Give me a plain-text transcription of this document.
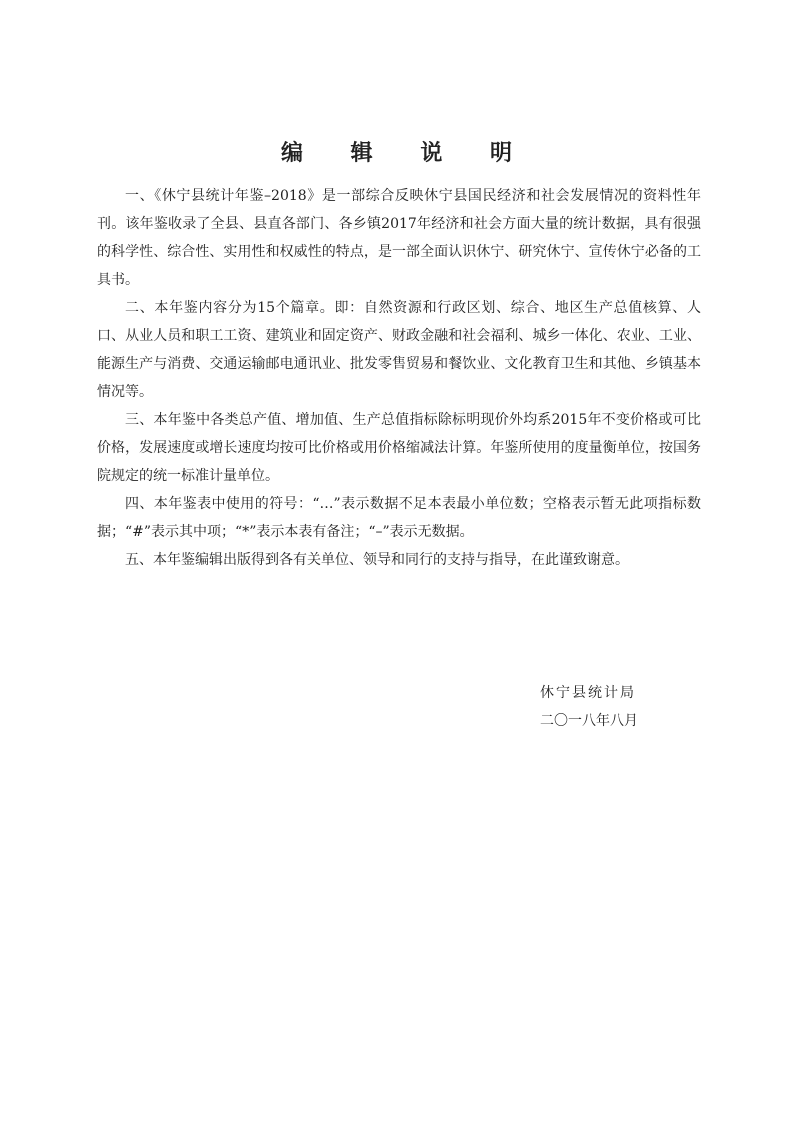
编 辑 说 明

一、《休宁县统计年鉴–2018》是一部综合反映休宁县国民经济和社会发展情况的资料性年刊。该年鉴收录了全县、县直各部门、各乡镇2017年经济和社会方面大量的统计数据，具有很强的科学性、综合性、实用性和权威性的特点，是一部全面认识休宁、研究休宁、宣传休宁必备的工具书。

二、本年鉴内容分为15个篇章。即：自然资源和行政区划、综合、地区生产总值核算、人口、从业人员和职工工资、建筑业和固定资产、财政金融和社会福利、城乡一体化、农业、工业、能源生产与消费、交通运输邮电通讯业、批发零售贸易和餐饮业、文化教育卫生和其他、乡镇基本情况等。

三、本年鉴中各类总产值、增加值、生产总值指标除标明现价外均系2015年不变价格或可比价格，发展速度或增长速度均按可比价格或用价格缩减法计算。年鉴所使用的度量衡单位，按国务院规定的统一标准计量单位。

四、本年鉴表中使用的符号：“…”表示数据不足本表最小单位数；空格表示暂无此项指标数据；“#”表示其中项；“*”表示本表有备注；“–”表示无数据。

五、本年鉴编辑出版得到各有关单位、领导和同行的支持与指导，在此谨致谢意。

休宁县统计局
二〇一八年八月
